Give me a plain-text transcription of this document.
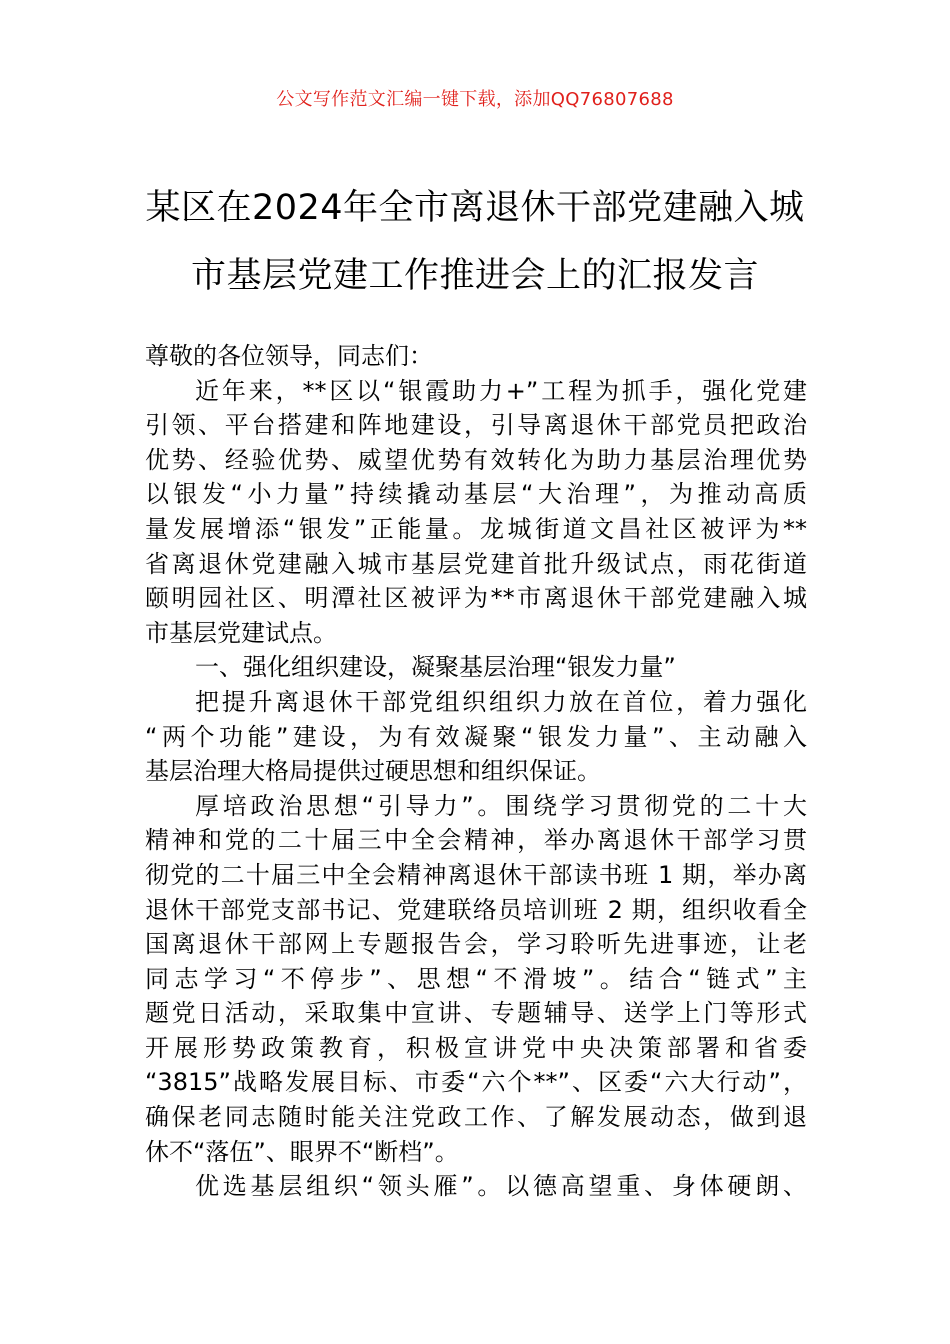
公文写作范文汇编一键下载，添加QQ76807688
某区在2024年全市离退休干部党建融入城
市基层党建工作推进会上的汇报发言
尊敬的各位领导，同志们：
近年来，**区以“银霞助力+”工程为抓手，强化党建
引领、平台搭建和阵地建设，引导离退休干部党员把政治
优势、经验优势、威望优势有效转化为助力基层治理优势
以银发“小力量”持续撬动基层“大治理”，为推动高质
量发展增添“银发”正能量。龙城街道文昌社区被评为**
省离退休党建融入城市基层党建首批升级试点，雨花街道
颐明园社区、明潭社区被评为**市离退休干部党建融入城
市基层党建试点。
一、强化组织建设，凝聚基层治理“银发力量”
把提升离退休干部党组织组织力放在首位，着力强化
“两个功能”建设，为有效凝聚“银发力量”、主动融入
基层治理大格局提供过硬思想和组织保证。
厚培政治思想“引导力”。围绕学习贯彻党的二十大
精神和党的二十届三中全会精神，举办离退休干部学习贯
彻党的二十届三中全会精神离退休干部读书班 1 期，举办离
退休干部党支部书记、党建联络员培训班 2 期，组织收看全
国离退休干部网上专题报告会，学习聆听先进事迹，让老
同志学习“不停步”、思想“不滑坡”。结合“链式”主
题党日活动，采取集中宣讲、专题辅导、送学上门等形式
开展形势政策教育，积极宣讲党中央决策部署和省委
“3815”战略发展目标、市委“六个**”、区委“六大行动”，
确保老同志随时能关注党政工作、了解发展动态，做到退
休不“落伍”、眼界不“断档”。
优选基层组织“领头雁”。以德高望重、身体硬朗、
